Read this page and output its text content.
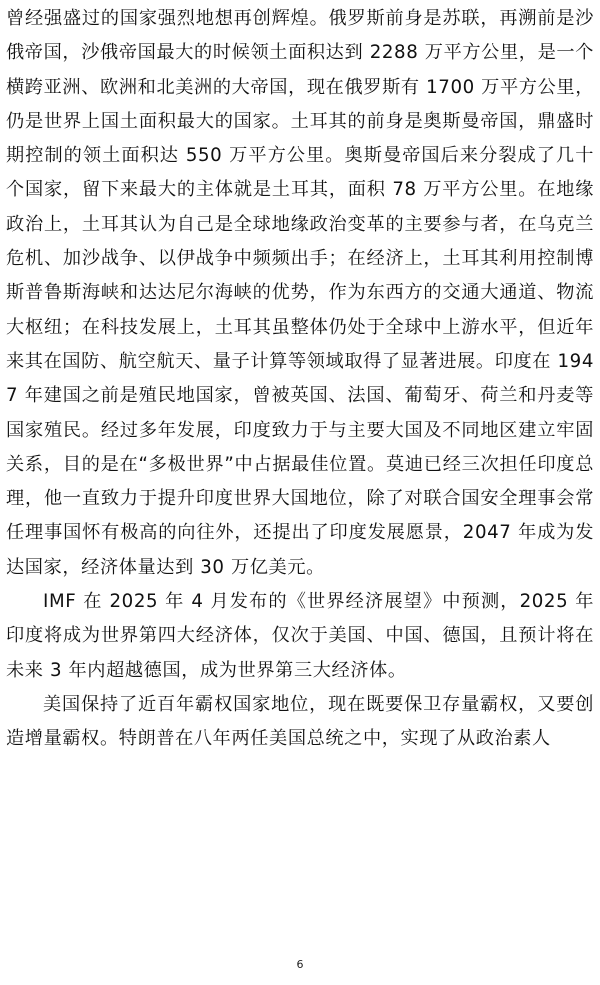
曾经强盛过的国家强烈地想再创辉煌。俄罗斯前身是苏联，再溯前是沙俄帝国，沙俄帝国最大的时候领土面积达到 2288 万平方公里，是一个横跨亚洲、欧洲和北美洲的大帝国，现在俄罗斯有 1700 万平方公里，仍是世界上国土面积最大的国家。土耳其的前身是奥斯曼帝国，鼎盛时期控制的领土面积达 550 万平方公里。奥斯曼帝国后来分裂成了几十个国家，留下来最大的主体就是土耳其，面积 78 万平方公里。在地缘政治上，土耳其认为自己是全球地缘政治变革的主要参与者，在乌克兰危机、加沙战争、以伊战争中频频出手；在经济上，土耳其利用控制博斯普鲁斯海峡和达达尼尔海峡的优势，作为东西方的交通大通道、物流大枢纽；在科技发展上，土耳其虽整体仍处于全球中上游水平，但近年来其在国防、航空航天、量子计算等领域取得了显著进展。印度在 1947 年建国之前是殖民地国家，曾被英国、法国、葡萄牙、荷兰和丹麦等国家殖民。经过多年发展，印度致力于与主要大国及不同地区建立牢固关系，目的是在“多极世界”中占据最佳位置。莫迪已经三次担任印度总理，他一直致力于提升印度世界大国地位，除了对联合国安全理事会常任理事国怀有极高的向往外，还提出了印度发展愿景，2047 年成为发达国家，经济体量达到 30 万亿美元。

IMF 在 2025 年 4 月发布的《世界经济展望》中预测，2025 年印度将成为世界第四大经济体，仅次于美国、中国、德国，且预计将在未来 3 年内超越德国，成为世界第三大经济体。

美国保持了近百年霸权国家地位，现在既要保卫存量霸权，又要创造增量霸权。特朗普在八年两任美国总统之中，实现了从政治素人

6
